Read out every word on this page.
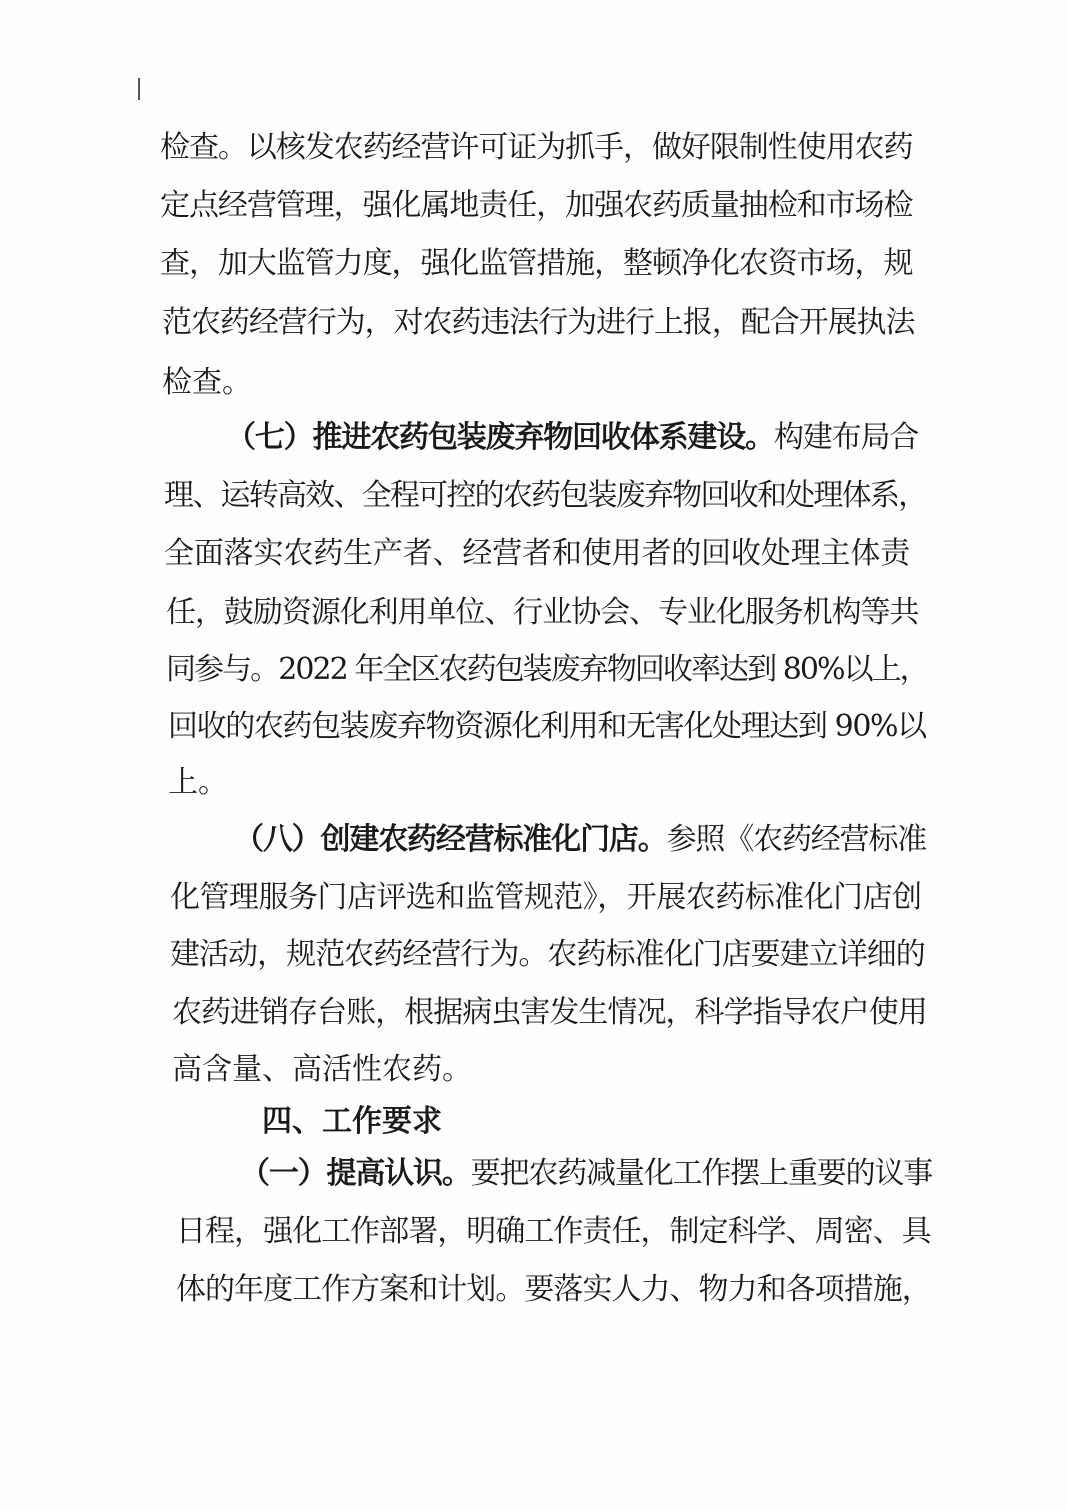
检查。以核发农药经营许可证为抓手，做好限制性使用农药
定点经营管理，强化属地责任，加强农药质量抽检和市场检
查，加大监管力度，强化监管措施，整顿净化农资市场，规
范农药经营行为，对农药违法行为进行上报，配合开展执法
检查。
（七）推进农药包装废弃物回收体系建设。构建布局合
理、运转高效、全程可控的农药包装废弃物回收和处理体系，
全面落实农药生产者、经营者和使用者的回收处理主体责
任，鼓励资源化利用单位、行业协会、专业化服务机构等共
同参与。2022 年全区农药包装废弃物回收率达到 80%以上，
回收的农药包装废弃物资源化利用和无害化处理达到 90%以
上。
（八）创建农药经营标准化门店。参照《农药经营标准
化管理服务门店评选和监管规范》，开展农药标准化门店创
建活动，规范农药经营行为。农药标准化门店要建立详细的
农药进销存台账，根据病虫害发生情况，科学指导农户使用
高含量、高活性农药。
四、工作要求
（一）提高认识。要把农药减量化工作摆上重要的议事
日程，强化工作部署，明确工作责任，制定科学、周密、具
体的年度工作方案和计划。要落实人力、物力和各项措施，
